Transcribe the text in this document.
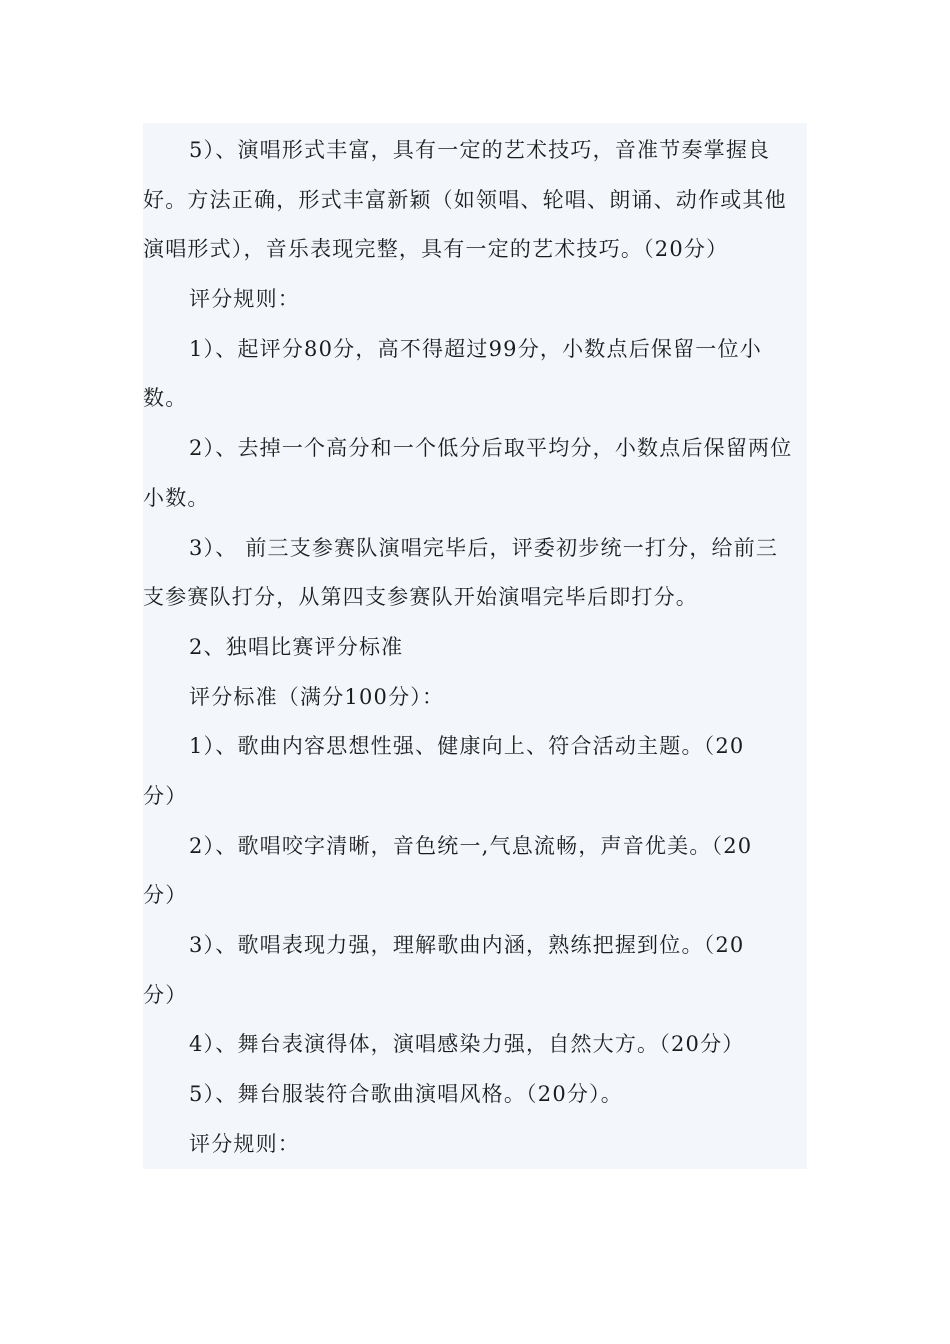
5）、演唱形式丰富，具有一定的艺术技巧，音准节奏掌握良
好。方法正确，形式丰富新颖（如领唱、轮唱、朗诵、动作或其他
演唱形式），音乐表现完整，具有一定的艺术技巧。（20分）
评分规则：
1）、起评分80分，高不得超过99分，小数点后保留一位小
数。
2）、去掉一个高分和一个低分后取平均分，小数点后保留两位
小数。
3）、 前三支参赛队演唱完毕后，评委初步统一打分，给前三
支参赛队打分，从第四支参赛队开始演唱完毕后即打分。
2、独唱比赛评分标准
评分标准（满分100分）：
1）、歌曲内容思想性强、健康向上、符合活动主题。（20
分）
2）、歌唱咬字清晰，音色统一,气息流畅，声音优美。（20
分）
3）、歌唱表现力强，理解歌曲内涵，熟练把握到位。（20
分）
4）、舞台表演得体，演唱感染力强，自然大方。（20分）
5）、舞台服装符合歌曲演唱风格。（20分）。
评分规则：
